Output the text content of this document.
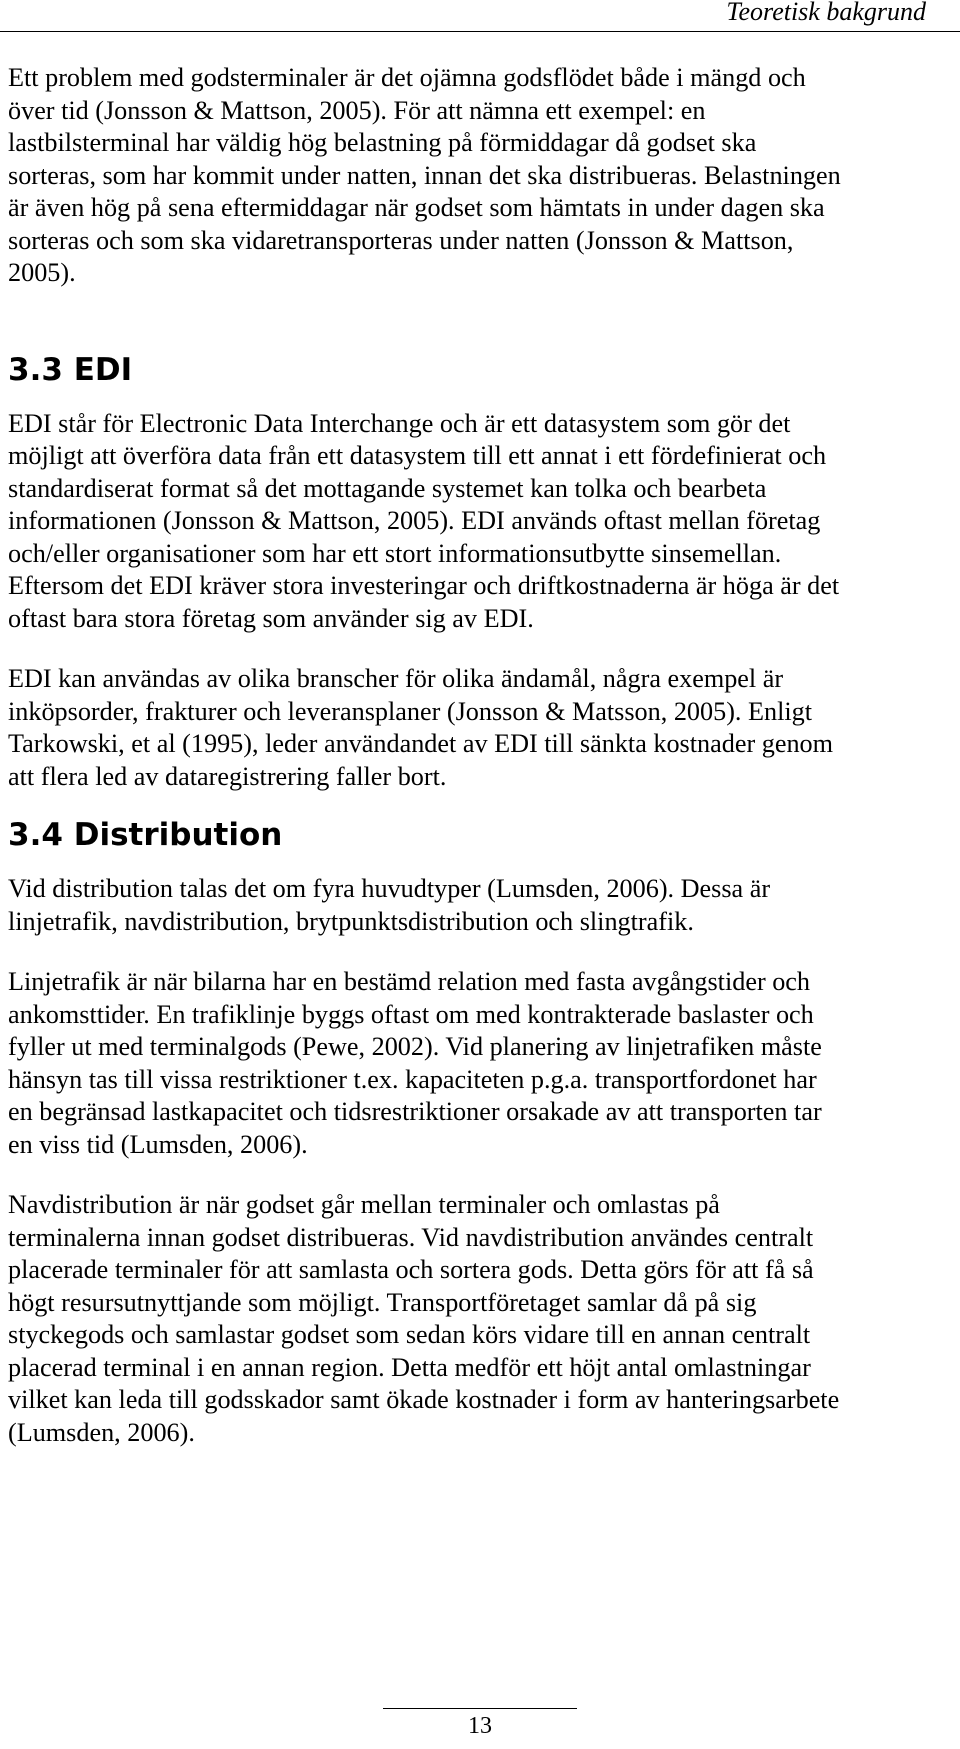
Teoretisk bakgrund

Ett problem med godsterminaler är det ojämna godsflödet både i mängd och
över tid (Jonsson & Mattson, 2005). För att nämna ett exempel: en
lastbilsterminal har väldig hög belastning på förmiddagar då godset ska
sorteras, som har kommit under natten, innan det ska distribueras. Belastningen
är även hög på sena eftermiddagar när godset som hämtats in under dagen ska
sorteras och som ska vidaretransporteras under natten (Jonsson & Mattson,
2005).

3.3 EDI

EDI står för Electronic Data Interchange och är ett datasystem som gör det
möjligt att överföra data från ett datasystem till ett annat i ett fördefinierat och
standardiserat format så det mottagande systemet kan tolka och bearbeta
informationen (Jonsson & Mattson, 2005). EDI används oftast mellan företag
och/eller organisationer som har ett stort informationsutbytte sinsemellan.
Eftersom det EDI kräver stora investeringar och driftkostnaderna är höga är det
oftast bara stora företag som använder sig av EDI.

EDI kan användas av olika branscher för olika ändamål, några exempel är
inköpsorder, frakturer och leveransplaner (Jonsson & Matsson, 2005). Enligt
Tarkowski, et al (1995), leder användandet av EDI till sänkta kostnader genom
att flera led av dataregistrering faller bort.

3.4 Distribution

Vid distribution talas det om fyra huvudtyper (Lumsden, 2006). Dessa är
linjetrafik, navdistribution, brytpunktsdistribution och slingtrafik.

Linjetrafik är när bilarna har en bestämd relation med fasta avgångstider och
ankomsttider. En trafiklinje byggs oftast om med kontrakterade baslaster och
fyller ut med terminalgods (Pewe, 2002). Vid planering av linjetrafiken måste
hänsyn tas till vissa restriktioner t.ex. kapaciteten p.g.a. transportfordonet har
en begränsad lastkapacitet och tidsrestriktioner orsakade av att transporten tar
en viss tid (Lumsden, 2006).

Navdistribution är när godset går mellan terminaler och omlastas på
terminalerna innan godset distribueras. Vid navdistribution användes centralt
placerade terminaler för att samlasta och sortera gods. Detta görs för att få så
högt resursutnyttjande som möjligt. Transportföretaget samlar då på sig
styckegods och samlastar godset som sedan körs vidare till en annan centralt
placerad terminal i en annan region. Detta medför ett höjt antal omlastningar
vilket kan leda till godsskador samt ökade kostnader i form av hanteringsarbete
(Lumsden, 2006).

13
